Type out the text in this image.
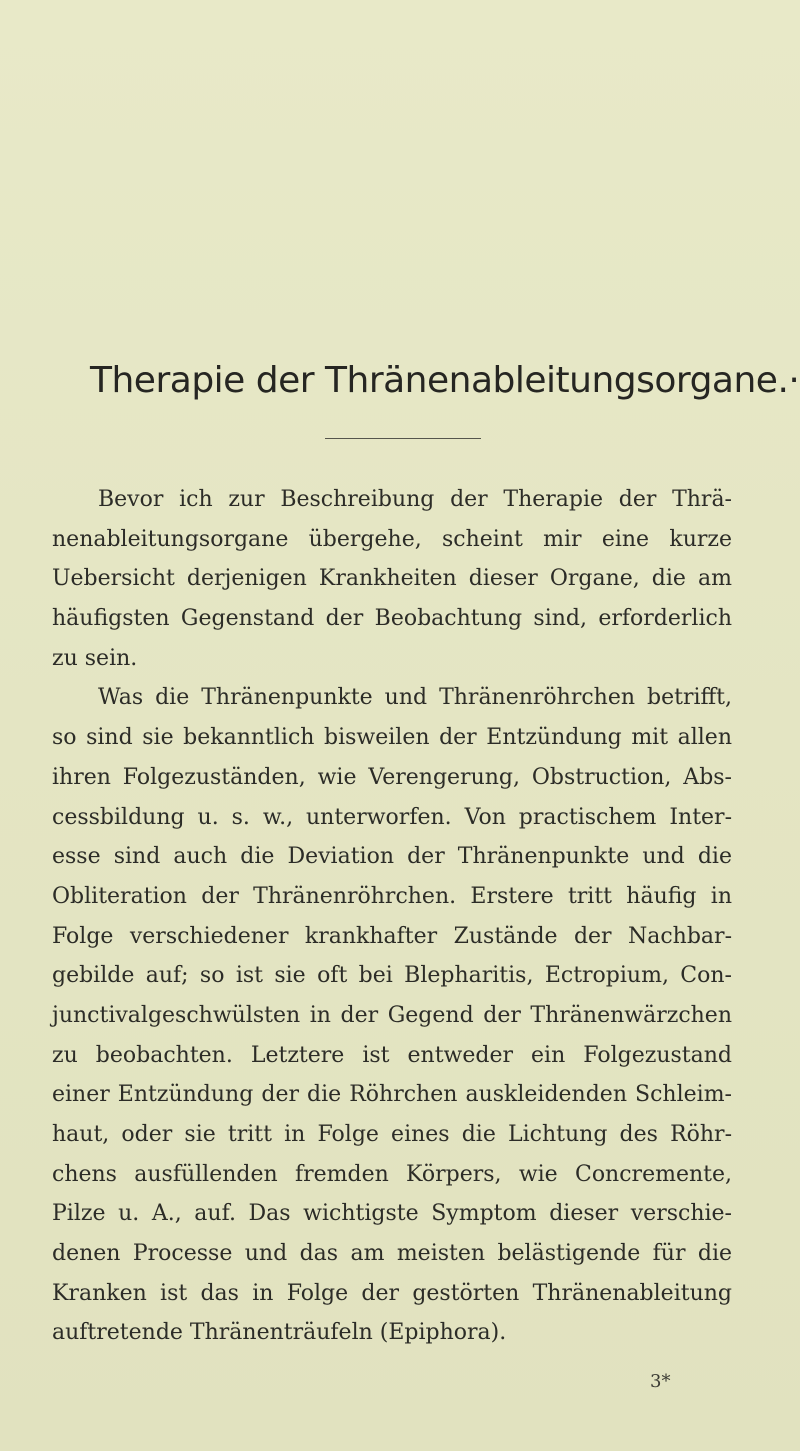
Therapie der Thränenableitungsorgane.·
Bevor ich zur Beschreibung der Therapie der Thrä-
nenableitungsorgane übergehe, scheint mir eine kurze
Uebersicht derjenigen Krankheiten dieser Organe, die am
häufigsten Gegenstand der Beobachtung sind, erforderlich
zu sein.
Was die Thränenpunkte und Thränenröhrchen betrifft,
so sind sie bekanntlich bisweilen der Entzündung mit allen
ihren Folgezuständen, wie Verengerung, Obstruction, Abs-
cessbildung u. s. w., unterworfen. Von practischem Inter-
esse sind auch die Deviation der Thränenpunkte und die
Obliteration der Thränenröhrchen. Erstere tritt häufig in
Folge verschiedener krankhafter Zustände der Nachbar-
gebilde auf; so ist sie oft bei Blepharitis, Ectropium, Con-
junctivalgeschwülsten in der Gegend der Thränenwärzchen
zu beobachten. Letztere ist entweder ein Folgezustand
einer Entzündung der die Röhrchen auskleidenden Schleim-
haut, oder sie tritt in Folge eines die Lichtung des Röhr-
chens ausfüllenden fremden Körpers, wie Concremente,
Pilze u. A., auf. Das wichtigste Symptom dieser verschie-
denen Processe und das am meisten belästigende für die
Kranken ist das in Folge der gestörten Thränenableitung
auftretende Thränenträufeln (Epiphora).
3*
